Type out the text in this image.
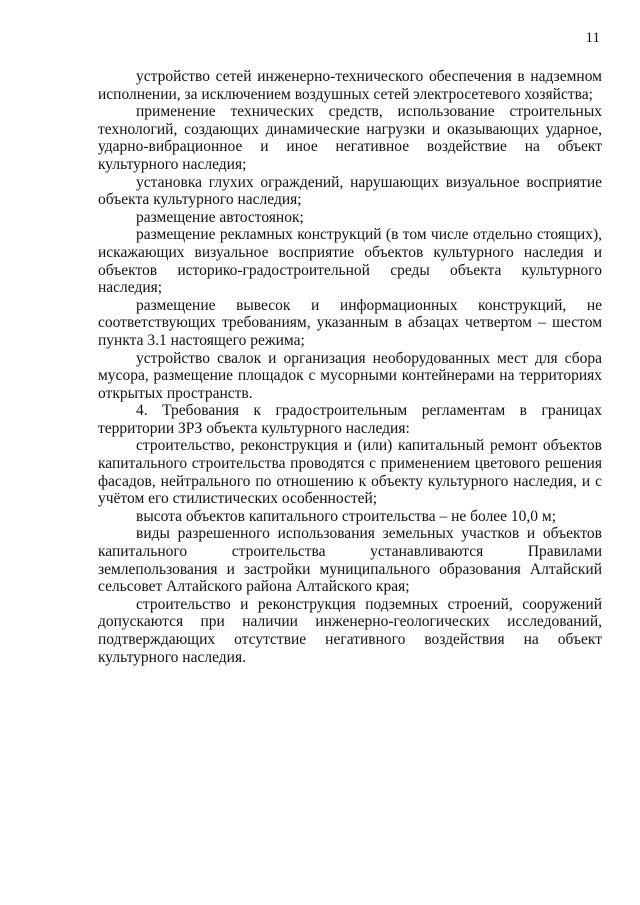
11

устройство сетей инженерно-технического обеспечения в надземном исполнении, за исключением воздушных сетей электросетевого хозяйства;

применение технических средств, использование строительных технологий, создающих динамические нагрузки и оказывающих ударное, ударно-вибрационное и иное негативное воздействие на объект культурного наследия;

установка глухих ограждений, нарушающих визуальное восприятие объекта культурного наследия;

размещение автостоянок;

размещение рекламных конструкций (в том числе отдельно стоящих), искажающих визуальное восприятие объектов культурного наследия и объектов историко-градостроительной среды объекта культурного наследия;

размещение вывесок и информационных конструкций, не соответствующих требованиям, указанным в абзацах четвертом – шестом пункта 3.1 настоящего режима;

устройство свалок и организация необорудованных мест для сбора мусора, размещение площадок с мусорными контейнерами на территориях открытых пространств.

4. Требования к градостроительным регламентам в границах территории ЗРЗ объекта культурного наследия:

строительство, реконструкция и (или) капитальный ремонт объектов капитального строительства проводятся с применением цветового решения фасадов, нейтрального по отношению к объекту культурного наследия, и с учётом его стилистических особенностей;

высота объектов капитального строительства – не более 10,0 м;

виды разрешенного использования земельных участков и объектов капитального строительства устанавливаются Правилами землепользования и застройки муниципального образования Алтайский сельсовет Алтайского района Алтайского края;

строительство и реконструкция подземных строений, сооружений допускаются при наличии инженерно-геологических исследований, подтверждающих отсутствие негативного воздействия на объект культурного наследия.
